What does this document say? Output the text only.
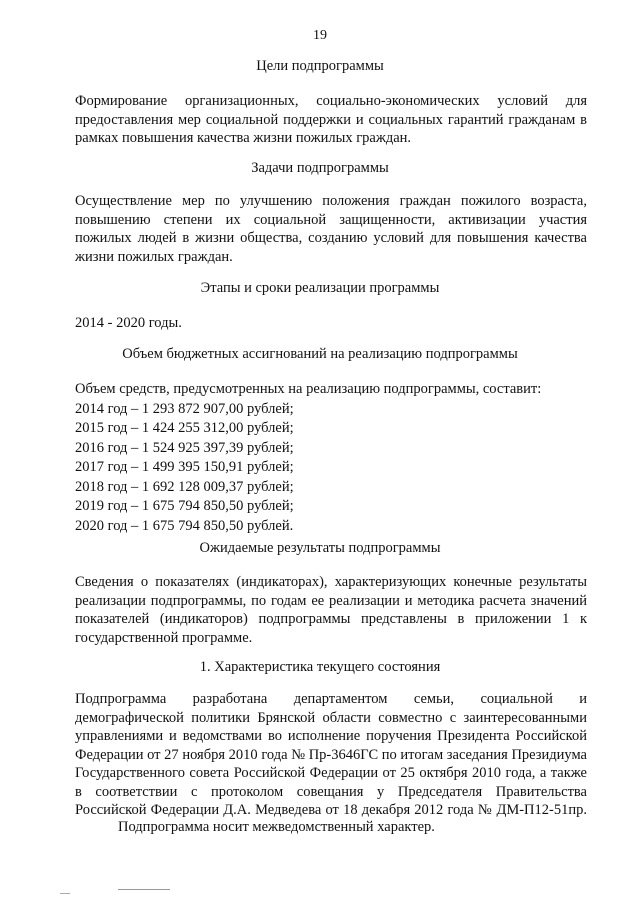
19
Цели подпрограммы
Формирование организационных, социально-экономических условий для
предоставления мер социальной поддержки и социальных гарантий гражданам в
рамках повышения качества жизни пожилых граждан.
Задачи подпрограммы
Осуществление мер по улучшению положения граждан пожилого возраста,
повышению степени их социальной защищенности, активизации участия
пожилых людей в жизни общества, созданию условий для повышения качества
жизни пожилых граждан.
Этапы и сроки реализации программы
2014 - 2020 годы.
Объем бюджетных ассигнований на реализацию подпрограммы
Объем средств, предусмотренных на реализацию подпрограммы, составит:
2014 год – 1 293 872 907,00 рублей;
2015 год – 1 424 255 312,00 рублей;
2016 год – 1 524 925 397,39 рублей;
2017 год – 1 499 395 150,91 рублей;
2018 год – 1 692 128 009,37 рублей;
2019 год – 1 675 794 850,50 рублей;
2020 год – 1 675 794 850,50 рублей.
Ожидаемые результаты подпрограммы
Сведения о показателях (индикаторах), характеризующих конечные результаты
реализации подпрограммы, по годам ее реализации и методика расчета значений
показателей (индикаторов) подпрограммы представлены в приложении 1 к
государственной программе.
1. Характеристика текущего состояния
Подпрограмма разработана департаментом семьи, социальной и
демографической политики Брянской области совместно с заинтересованными
управлениями и ведомствами во исполнение поручения Президента Российской
Федерации от 27 ноября 2010 года № Пр-3646ГС по итогам заседания Президиума
Государственного совета Российской Федерации от 25 октября 2010 года, а также
в соответствии с протоколом совещания у Председателя Правительства
Российской Федерации Д.А. Медведева от 18 декабря 2012 года № ДМ-П12-51пр.
Подпрограмма носит межведомственный характер.
